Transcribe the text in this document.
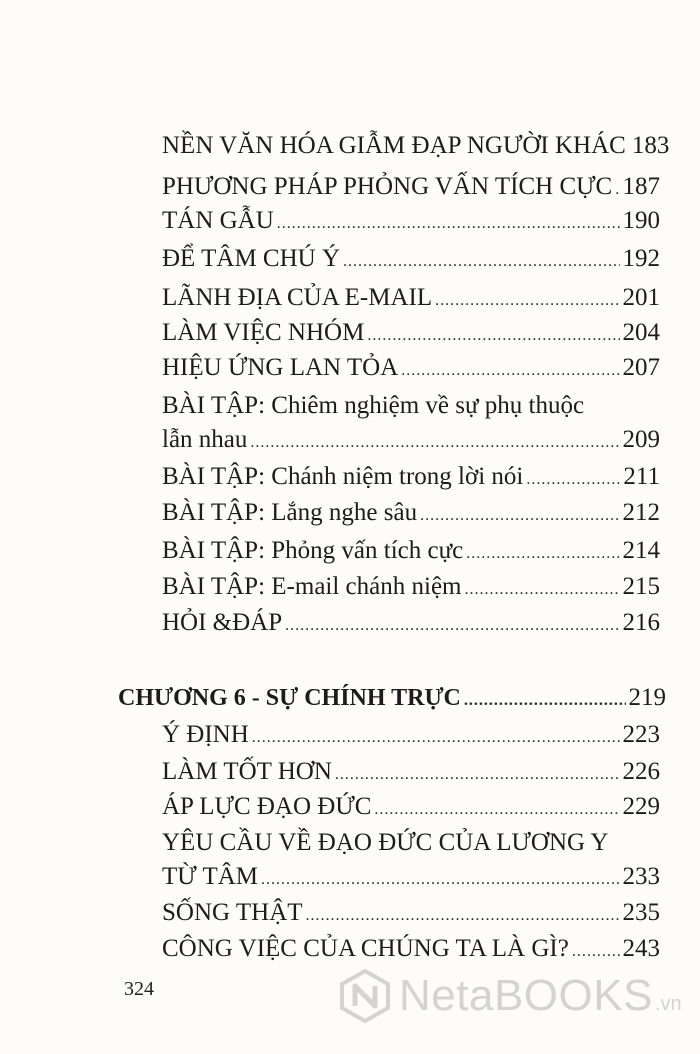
NỀN VĂN HÓA GIẪM ĐẠP NGƯỜI KHÁC 183
PHƯƠNG PHÁP PHỎNG VẤN TÍCH CỰC ..... 187
TÁN GẪU .....	190
ĐỂ TÂM CHÚ Ý .....	192
LÃNH ĐỊA CỦA E-MAIL .....	201
LÀM VIỆC NHÓM .....	204
HIỆU ỨNG LAN TỎA .....	207
BÀI TẬP: Chiêm nghiệm về sự phụ thuộc
lẫn nhau .....	209
BÀI TẬP: Chánh niệm trong lời nói .....	211
BÀI TẬP: Lắng nghe sâu .....	212
BÀI TẬP: Phỏng vấn tích cực .....	214
BÀI TẬP: E-mail chánh niệm .....	215
HỎI &ĐÁP .....	216
CHƯƠNG 6 - SỰ CHÍNH TRỰC .....	219
Ý ĐỊNH .....	223
LÀM TỐT HƠN .....	226
ÁP LỰC ĐẠO ĐỨC .....	229
YÊU CẦU VỀ ĐẠO ĐỨC CỦA LƯƠNG Y
TỪ TÂM .....	233
SỐNG THẬT .....	235
CÔNG VIỆC CỦA CHÚNG TA LÀ GÌ? ..... 243
324	NetaBOOKS .vn
